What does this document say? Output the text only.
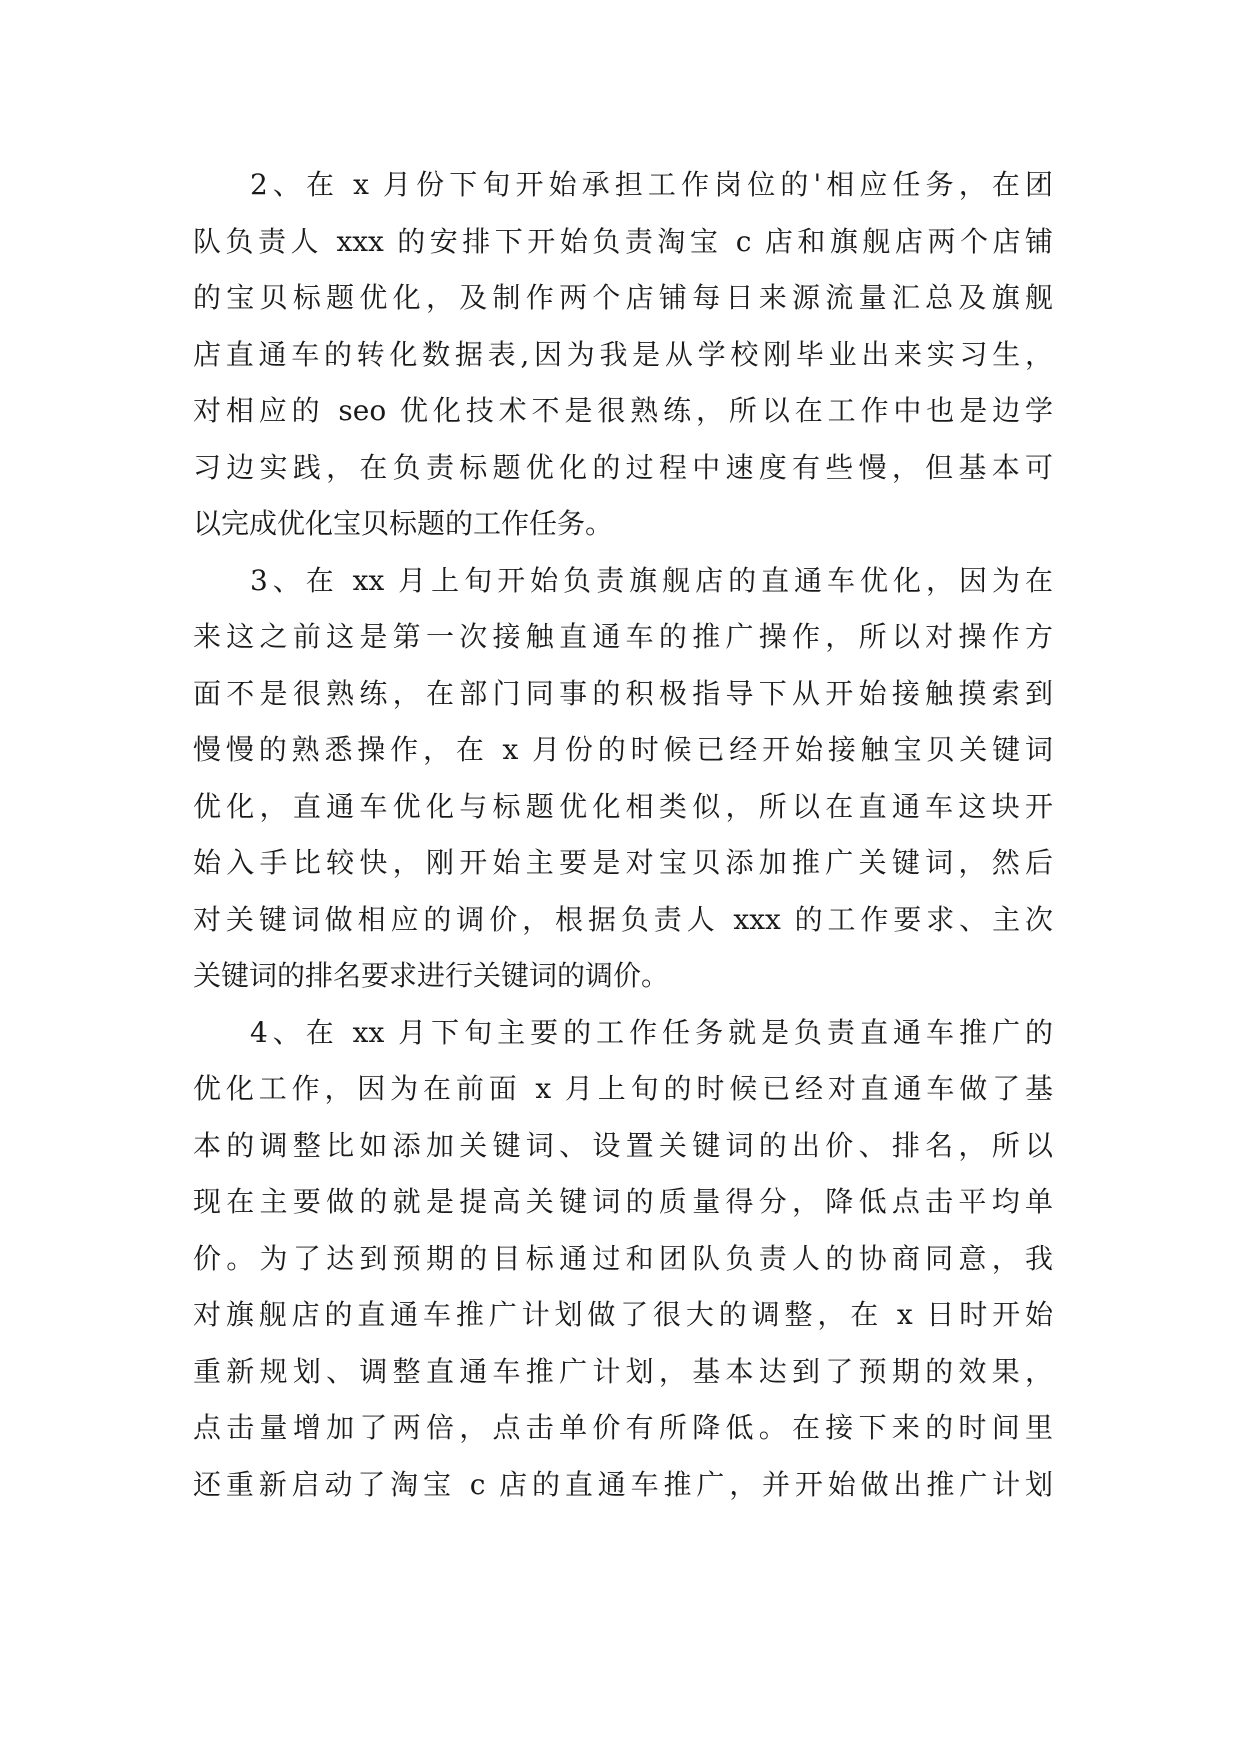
2、在 x 月份下旬开始承担工作岗位的'相应任务，在团
队负责人 xxx 的安排下开始负责淘宝 c 店和旗舰店两个店铺
的宝贝标题优化，及制作两个店铺每日来源流量汇总及旗舰
店直通车的转化数据表,因为我是从学校刚毕业出来实习生，
对相应的 seo 优化技术不是很熟练，所以在工作中也是边学
习边实践，在负责标题优化的过程中速度有些慢，但基本可
以完成优化宝贝标题的工作任务。
3、在 xx 月上旬开始负责旗舰店的直通车优化，因为在
来这之前这是第一次接触直通车的推广操作，所以对操作方
面不是很熟练，在部门同事的积极指导下从开始接触摸索到
慢慢的熟悉操作，在 x 月份的时候已经开始接触宝贝关键词
优化，直通车优化与标题优化相类似，所以在直通车这块开
始入手比较快，刚开始主要是对宝贝添加推广关键词，然后
对关键词做相应的调价，根据负责人 xxx 的工作要求、主次
关键词的排名要求进行关键词的调价。
4、在 xx 月下旬主要的工作任务就是负责直通车推广的
优化工作，因为在前面 x 月上旬的时候已经对直通车做了基
本的调整比如添加关键词、设置关键词的出价、排名，所以
现在主要做的就是提高关键词的质量得分，降低点击平均单
价。为了达到预期的目标通过和团队负责人的协商同意，我
对旗舰店的直通车推广计划做了很大的调整，在 x 日时开始
重新规划、调整直通车推广计划，基本达到了预期的效果，
点击量增加了两倍，点击单价有所降低。在接下来的时间里
还重新启动了淘宝 c 店的直通车推广，并开始做出推广计划
